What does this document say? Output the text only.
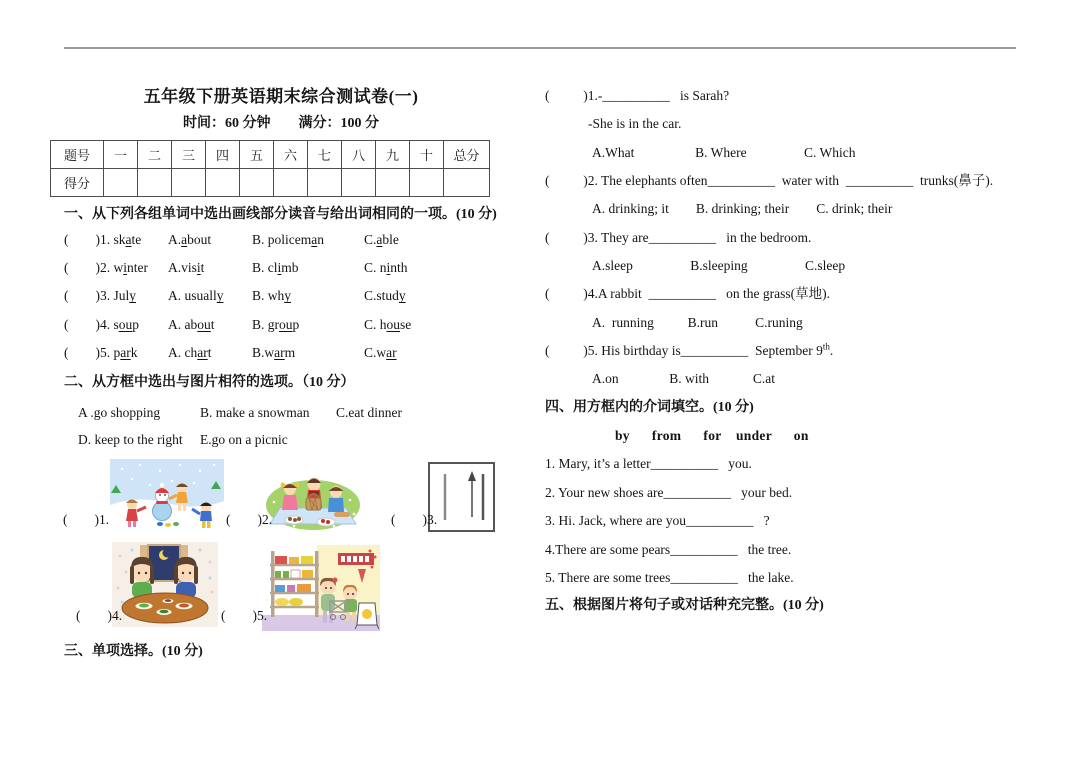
五年级下册英语期末综合测试卷(一)
时间：60 分钟　　满分：100 分
题号	一	二	三	四	五	六	七	八	九	十	总分
得分											
一、从下列各组单词中选出画线部分读音与给出词相同的一项。(10 分)
(        )1. skate	A.about	B. policeman	C.able
(        )2. winter	A.visit	B. climb	C. ninth
(        )3. July	A. usually	B. why	C.study
(        )4. soup	A. about	B. group	C. house
(        )5. park	A. chart	B.warm	C.war
二、从方框中选出与图片相符的选项。（10 分）
A .go shopping	B. make a snowman	C.eat dinner
D. keep to the right	E.go on a picnic
(        )1.	(        )2.	(        )3.
(        )4.	(        )5.
三、单项选择。(10 分)
(          )1.-__________   is Sarah?
-She is in the car.
A.What                  B. Where                 C. Which
(          )2. The elephants often__________  water with  __________  trunks(鼻子).
A. drinking; it        B. drinking; their        C. drink; their
(          )3. They are__________   in the bedroom.
A.sleep                 B.sleeping                 C.sleep
(          )4.A rabbit  __________   on the grass(草地).
A.  running          B.run           C.runing
(          )5. His birthday is__________  September 9th.
A.on               B. with             C.at
四、用方框内的介词填空。(10 分)
by      from      for    under      on
1. Mary, it’s a letter__________   you.
2. Your new shoes are__________   your bed.
3. Hi. Jack, where are you__________   ?
4.There are some pears__________   the tree.
5. There are some trees__________   the lake.
五、根据图片将句子或对话种充完整。(10 分)
